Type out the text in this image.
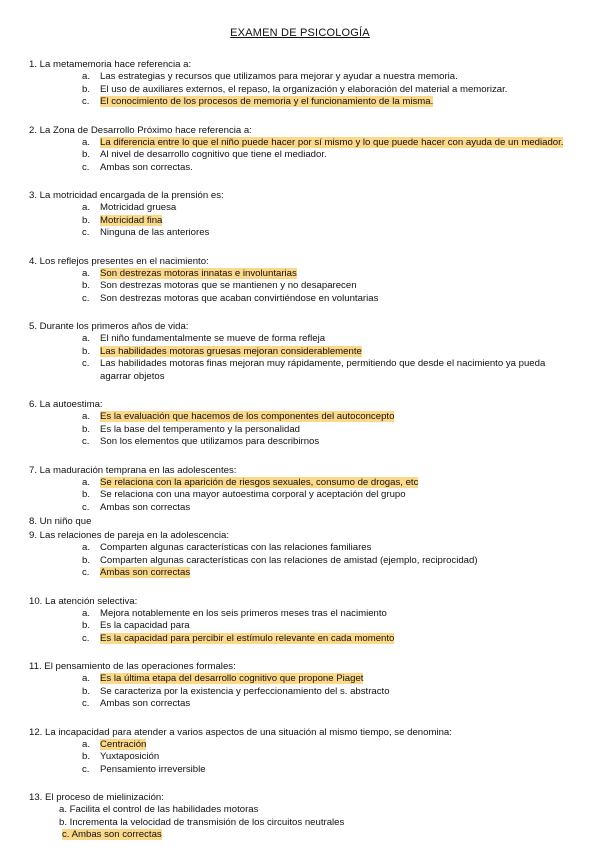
EXAMEN DE PSICOLOGÍA
1. La metamemoria hace referencia a:
a.	Las estrategias y recursos que utilizamos para mejorar y ayudar a nuestra memoria.
b.	El uso de auxiliares externos, el repaso, la organización y elaboración del material a memorizar.
c.	El conocimiento de los procesos de memoria y el funcionamiento de la misma.
2. La Zona de Desarrollo Próximo hace referencia a:
a.	La diferencia entre lo que el niño puede hacer por sí mismo y lo que puede hacer con ayuda de un mediador.
b.	Al nivel de desarrollo cognitivo que tiene el mediador.
c.	Ambas son correctas.
3. La motricidad encargada de la prensión es:
a.	Motricidad gruesa
b.	Motricidad fina
c.	Ninguna de las anteriores
4. Los reflejos presentes en el nacimiento:
a.	Son destrezas motoras innatas e involuntarias
b.	Son destrezas motoras que se mantienen y no desaparecen
c.	Son destrezas motoras que acaban convirtiéndose en voluntarias
5. Durante los primeros años de vida:
a.	El niño fundamentalmente se mueve de forma refleja
b.	Las habilidades motoras gruesas mejoran considerablemente
c.	Las habilidades motoras finas mejoran muy rápidamente, permitiendo que desde el nacimiento ya pueda agarrar objetos
6. La autoestima:
a.	Es la evaluación que hacemos de los componentes del autoconcepto
b.	Es la base del temperamento y la personalidad
c.	Son los elementos que utilizamos para describirnos
7. La maduración temprana en las adolescentes:
a.	Se relaciona con la aparición de riesgos sexuales, consumo de drogas, etc
b.	Se relaciona con una mayor autoestima corporal y aceptación del grupo
c.	Ambas son correctas
8. Un niño que
9. Las relaciones de pareja en la adolescencia:
a.	Comparten algunas características con las relaciones familiares
b.	Comparten algunas características con las relaciones de amistad (ejemplo, reciprocidad)
c.	Ambas son correctas
10. La atención selectiva:
a.	Mejora notablemente en los seis primeros meses tras el nacimiento
b.	Es la capacidad para
c.	Es la capacidad para percibir el estímulo relevante en cada momento
11. El pensamiento de las operaciones formales:
a.	Es la última etapa del desarrollo cognitivo que propone Piaget
b.	Se caracteriza por la existencia y perfeccionamiento del s. abstracto
c.	Ambas son correctas
12. La incapacidad para atender a varios aspectos de una situación al mismo tiempo, se denomina:
a.	Centración
b.	Yuxtaposición
c.	Pensamiento irreversible
13. El proceso de mielinización:
a. Facilita el control de las habilidades motoras
b. Incrementa la velocidad de transmisión de los circuitos neutrales
c. Ambas son correctas
